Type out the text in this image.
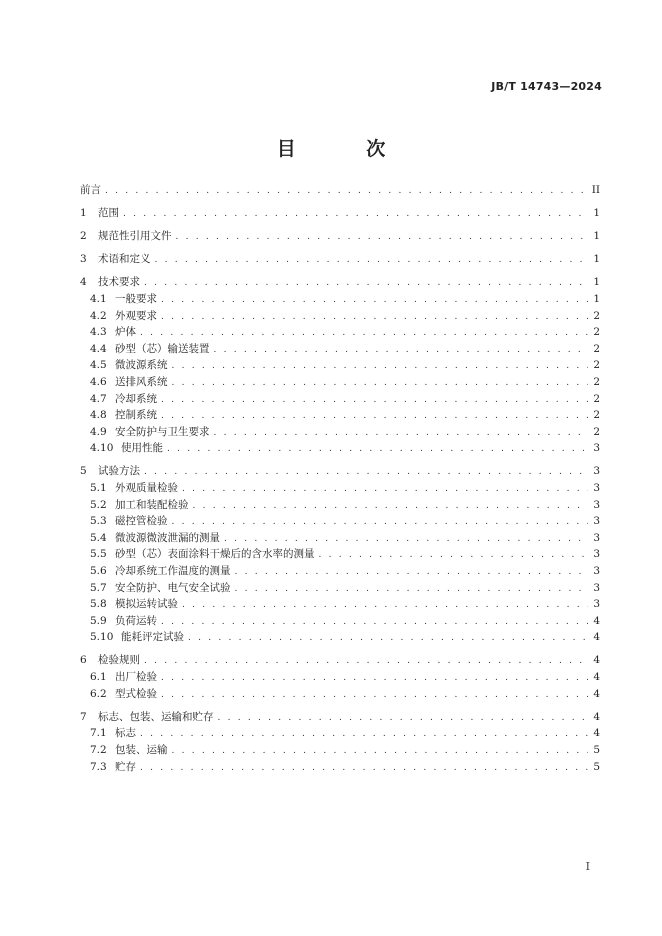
JB/T 14743—2024
目 次
前言 . . .	II
1	范围 . . .	1
2	规范性引用文件 . . .	1
3	术语和定义 . . .	1
4	技术要求 . . .	1
4.1 一般要求 . . .	1
4.2 外观要求 . . .	2
4.3 炉体 . . .	2
4.4 砂型（芯）输送装置 . . .	2
4.5 微波源系统 . . .	2
4.6 送排风系统 . . .	2
4.7 冷却系统 . . .	2
4.8 控制系统 . . .	2
4.9 安全防护与卫生要求 . . .	2
4.10 使用性能 . . .	3
5	试验方法 . . .	3
5.1 外观质量检验 . . .	3
5.2 加工和装配检验 . . .	3
5.3 磁控管检验 . . .	3
5.4 微波源微波泄漏的测量 . . .	3
5.5 砂型（芯）表面涂料干燥后的含水率的测量 . . .	3
5.6 冷却系统工作温度的测量 . . .	3
5.7 安全防护、电气安全试验 . . .	3
5.8 模拟运转试验 . . .	3
5.9 负荷运转 . . .	4
5.10 能耗评定试验 . . .	4
6	检验规则 . . .	4
6.1 出厂检验 . . .	4
6.2 型式检验 . . .	4
7	标志、包装、运输和贮存 . . .	4
7.1 标志 . . .	4
7.2 包装、运输 . . .	5
7.3 贮存 . . .	5
I
